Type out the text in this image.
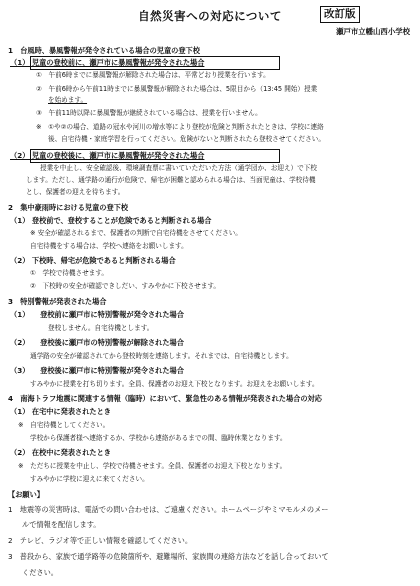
自然災害への対応について	改訂版
瀬戸市立幡山西小学校
1　台風時、暴風警報が発令されている場合の児童の登下校
（1） 児童の登校前に、瀬戸市に暴風警報が発令された場合
①　午前6時までに暴風警報が解除された場合は、平常どおり授業を行います。
②　午前6時から午前11時までに暴風警報が解除された場合は、5限目から（13:45 開始）授業
を始めます。
③　午前11時以降に暴風警報が継続されている場合は、授業を行いません。
※　①や②の場合、道路の冠水や河川の増水等により登校が危険と判断されたときは、学校に連絡
後、自宅待機・家庭学習を行ってください。危険がないと判断されたら登校させてください。
（2） 児童の登校後に、瀬戸市に暴風警報が発令された場合
授業を中止し、安全確認後、環境調査票に書いていただいた方法（通学団か、お迎え）で下校
します。ただし、通学路の通行が危険で、帰宅が困難と認められる場合は、当面児童は、学校待機
とし、保護者の迎えを待ちます。
2　集中豪雨時における児童の登下校
（1） 登校前で、登校することが危険であると判断される場合
※ 安全が確認されるまで、保護者の判断で自宅待機をさせてください。
自宅待機をする場合は、学校へ連絡をお願いします。
（2） 下校時、帰宅が危険であると判断される場合
①　学校で待機させます。
②　下校時の安全が確認できしだい、すみやかに下校させます。
3　特別警報が発表された場合
（1）　　登校前に瀬戸市に特別警報が発令された場合
登校しません。自宅待機とします。
（2）　　登校後に瀬戸市の特別警報が解除された場合
通学路の安全が確認されてから登校時刻を連絡します。それまでは、自宅待機とします。
（3）　　登校後に瀬戸市に特別警報が発令された場合
すみやかに授業を打ち切ります。全員、保護者のお迎え下校となります。お迎えをお願いします。
4　南海トラフ地震に関連する情報（臨時）において、緊急性のある情報が発表された場合の対応
（1） 在宅中に発表されたとき
※　自宅待機としてください。
学校から保護者様へ連絡するか、学校から連絡があるまでの間、臨時休業となります。
（2） 在校中に発表されたとき
※　ただちに授業を中止し、学校で待機させます。全員、保護者のお迎え下校となります。
すみやかに学校に迎えに来てください。
【お願い】
1　地震等の災害時は、電話での問い合わせは、ご遠慮ください。ホームページやミマモルメのメー
ルで情報を配信します。
2　テレビ、ラジオ等で正しい情報を確認してください。
3　普段から、家族で通学路等の危険箇所や、避難場所、家族間の連絡方法などを話し合っておいて
ください。
